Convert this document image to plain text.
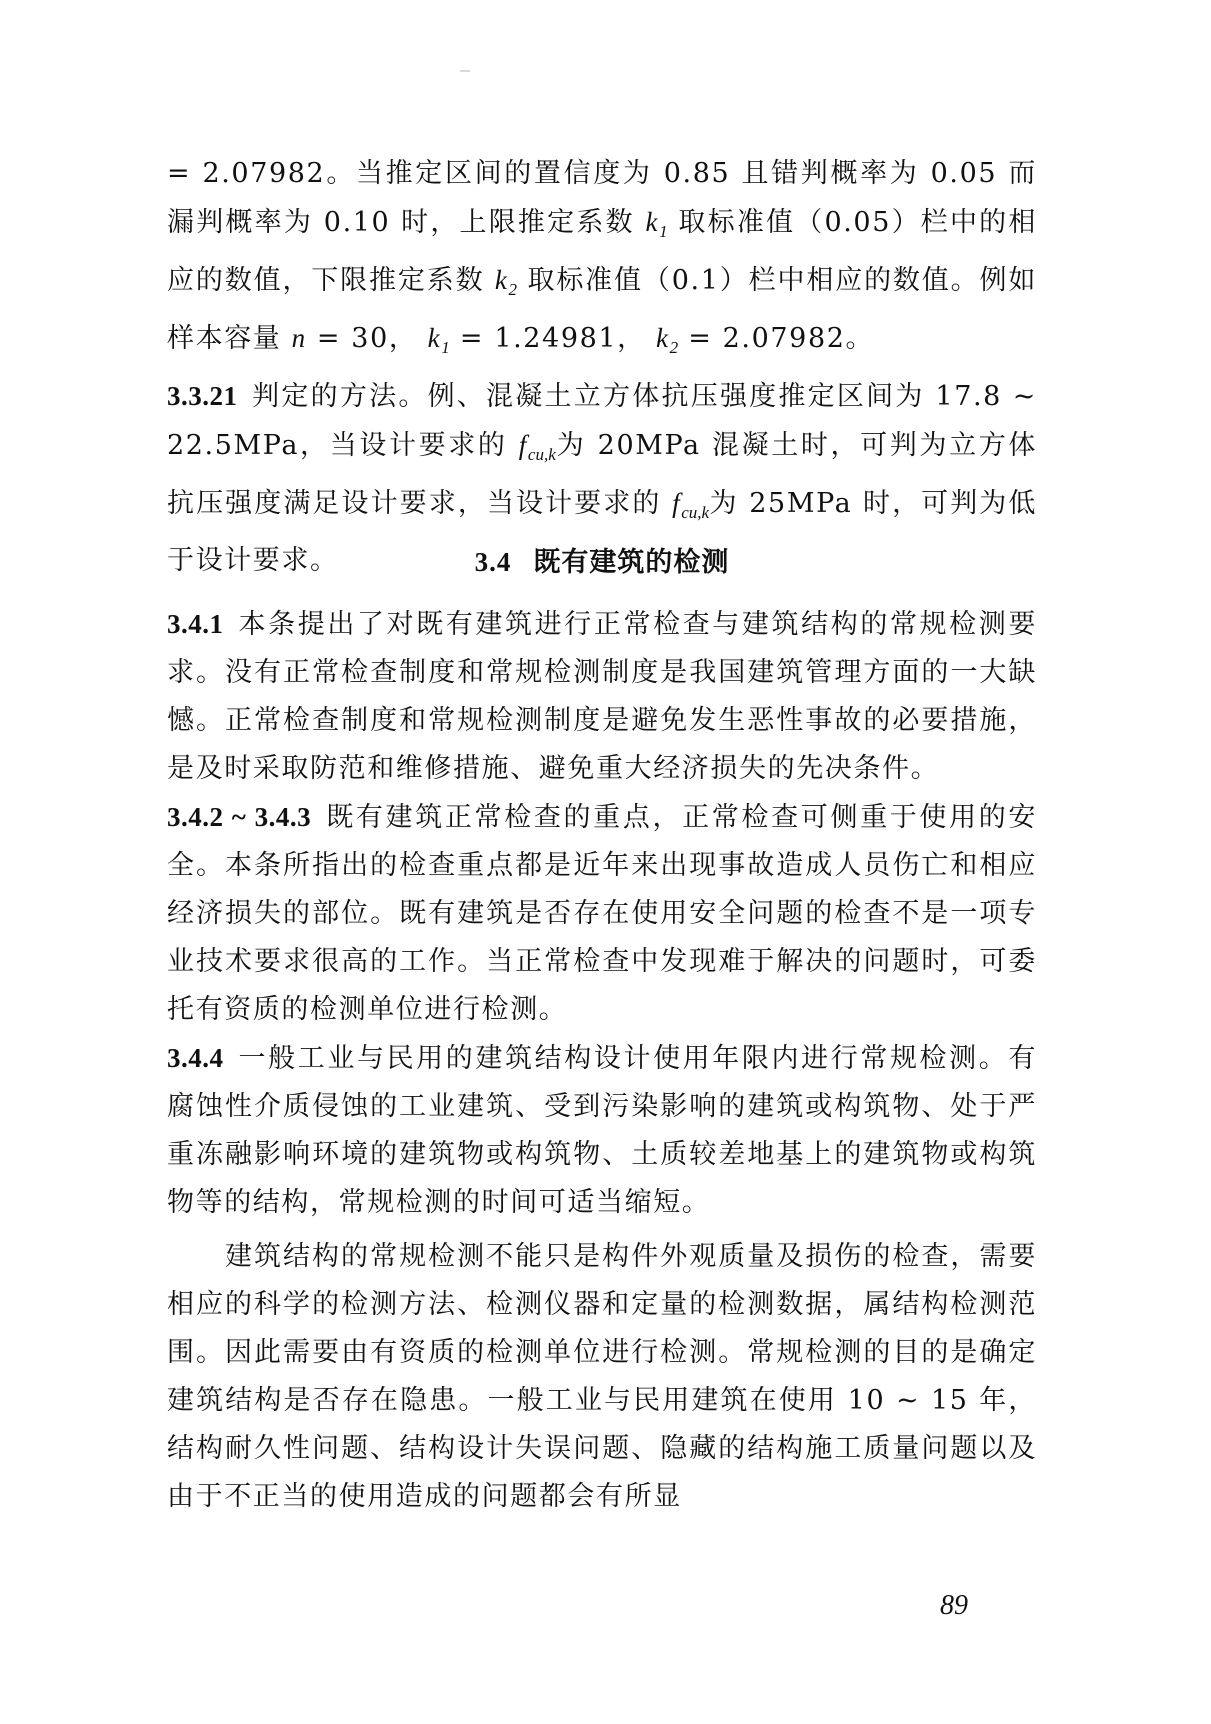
= 2.07982。当推定区间的置信度为 0.85 且错判概率为 0.05 而漏判概率为 0.10 时，上限推定系数 $k_1$ 取标准值（0.05）栏中的相应的数值，下限推定系数 $k_2$ 取标准值（0.1）栏中相应的数值。例如样本容量 n = 30， $k_1 = 1.24981$， $k_2 = 2.07982$。

3.3.21 判定的方法。例、混凝土立方体抗压强度推定区间为 17.8 ~ 22.5MPa，当设计要求的 $f_{cu,k}$为 20MPa 混凝土时，可判为立方体抗压强度满足设计要求，当设计要求的 $f_{cu,k}$为 25MPa 时，可判为低于设计要求。	3.4 既有建筑的检测

3.4.1 本条提出了对既有建筑进行正常检查与建筑结构的常规检测要求。没有正常检查制度和常规检测制度是我国建筑管理方面的一大缺憾。正常检查制度和常规检测制度是避免发生恶性事故的必要措施，是及时采取防范和维修措施、避免重大经济损失的先决条件。

3.4.2 ~ 3.4.3 既有建筑正常检查的重点，正常检查可侧重于使用的安全。本条所指出的检查重点都是近年来出现事故造成人员伤亡和相应经济损失的部位。既有建筑是否存在使用安全问题的检查不是一项专业技术要求很高的工作。当正常检查中发现难于解决的问题时，可委托有资质的检测单位进行检测。

3.4.4 一般工业与民用的建筑结构设计使用年限内进行常规检测。有腐蚀性介质侵蚀的工业建筑、受到污染影响的建筑或构筑物、处于严重冻融影响环境的建筑物或构筑物、土质较差地基上的建筑物或构筑物等的结构，常规检测的时间可适当缩短。

建筑结构的常规检测不能只是构件外观质量及损伤的检查，需要相应的科学的检测方法、检测仪器和定量的检测数据，属结构检测范围。因此需要由有资质的检测单位进行检测。常规检测的目的是确定建筑结构是否存在隐患。一般工业与民用建筑在使用 10 ~ 15 年，结构耐久性问题、结构设计失误问题、隐藏的结构施工质量问题以及由于不正当的使用造成的问题都会有所显

89
